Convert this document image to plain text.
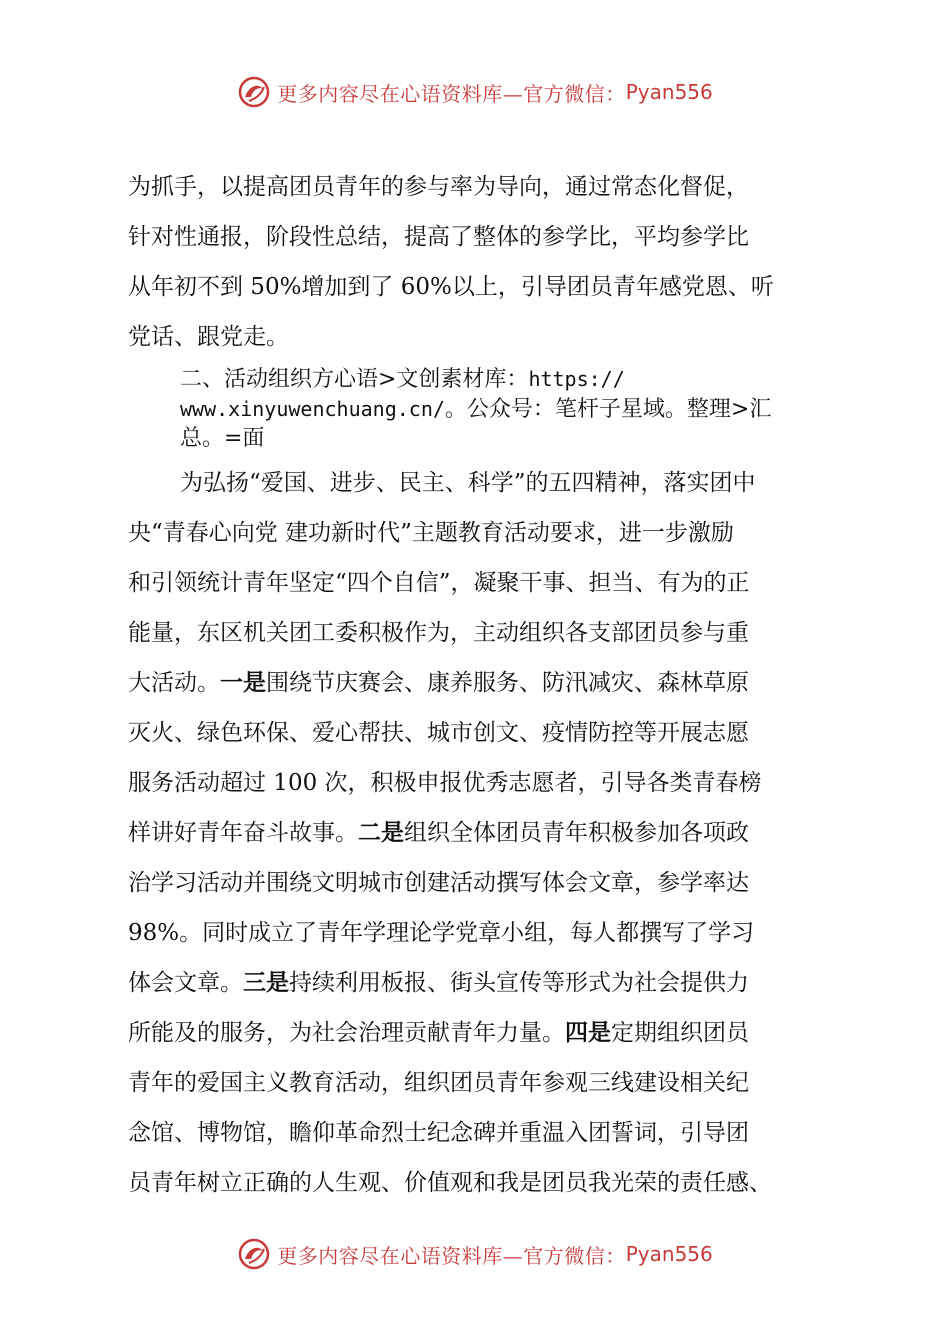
更多内容尽在心语资料库—官方微信： Pyan556
为抓手，以提高团员青年的参与率为导向，通过常态化督促，
针对性通报，阶段性总结，提高了整体的参学比，平均参学比
从年初不到 50%增加到了 60%以上，引导团员青年感党恩、听
党话、跟党走。
二、活动组织方心语>文创素材库：https://
www.xinyuwenchuang.cn/。公众号：笔杆子星域。整理>汇
总。=面
为弘扬“爱国、进步、民主、科学”的五四精神，落实团中
央“青春心向党 建功新时代”主题教育活动要求，进一步激励
和引领统计青年坚定“四个自信”，凝聚干事、担当、有为的正
能量，东区机关团工委积极作为，主动组织各支部团员参与重
大活动。一是围绕节庆赛会、康养服务、防汛减灾、森林草原
灭火、绿色环保、爱心帮扶、城市创文、疫情防控等开展志愿
服务活动超过 100 次，积极申报优秀志愿者，引导各类青春榜
样讲好青年奋斗故事。二是组织全体团员青年积极参加各项政
治学习活动并围绕文明城市创建活动撰写体会文章，参学率达
98%。同时成立了青年学理论学党章小组，每人都撰写了学习
体会文章。三是持续利用板报、街头宣传等形式为社会提供力
所能及的服务，为社会治理贡献青年力量。四是定期组织团员
青年的爱国主义教育活动，组织团员青年参观三线建设相关纪
念馆、博物馆，瞻仰革命烈士纪念碑并重温入团誓词，引导团
员青年树立正确的人生观、价值观和我是团员我光荣的责任感、
更多内容尽在心语资料库—官方微信： Pyan556
